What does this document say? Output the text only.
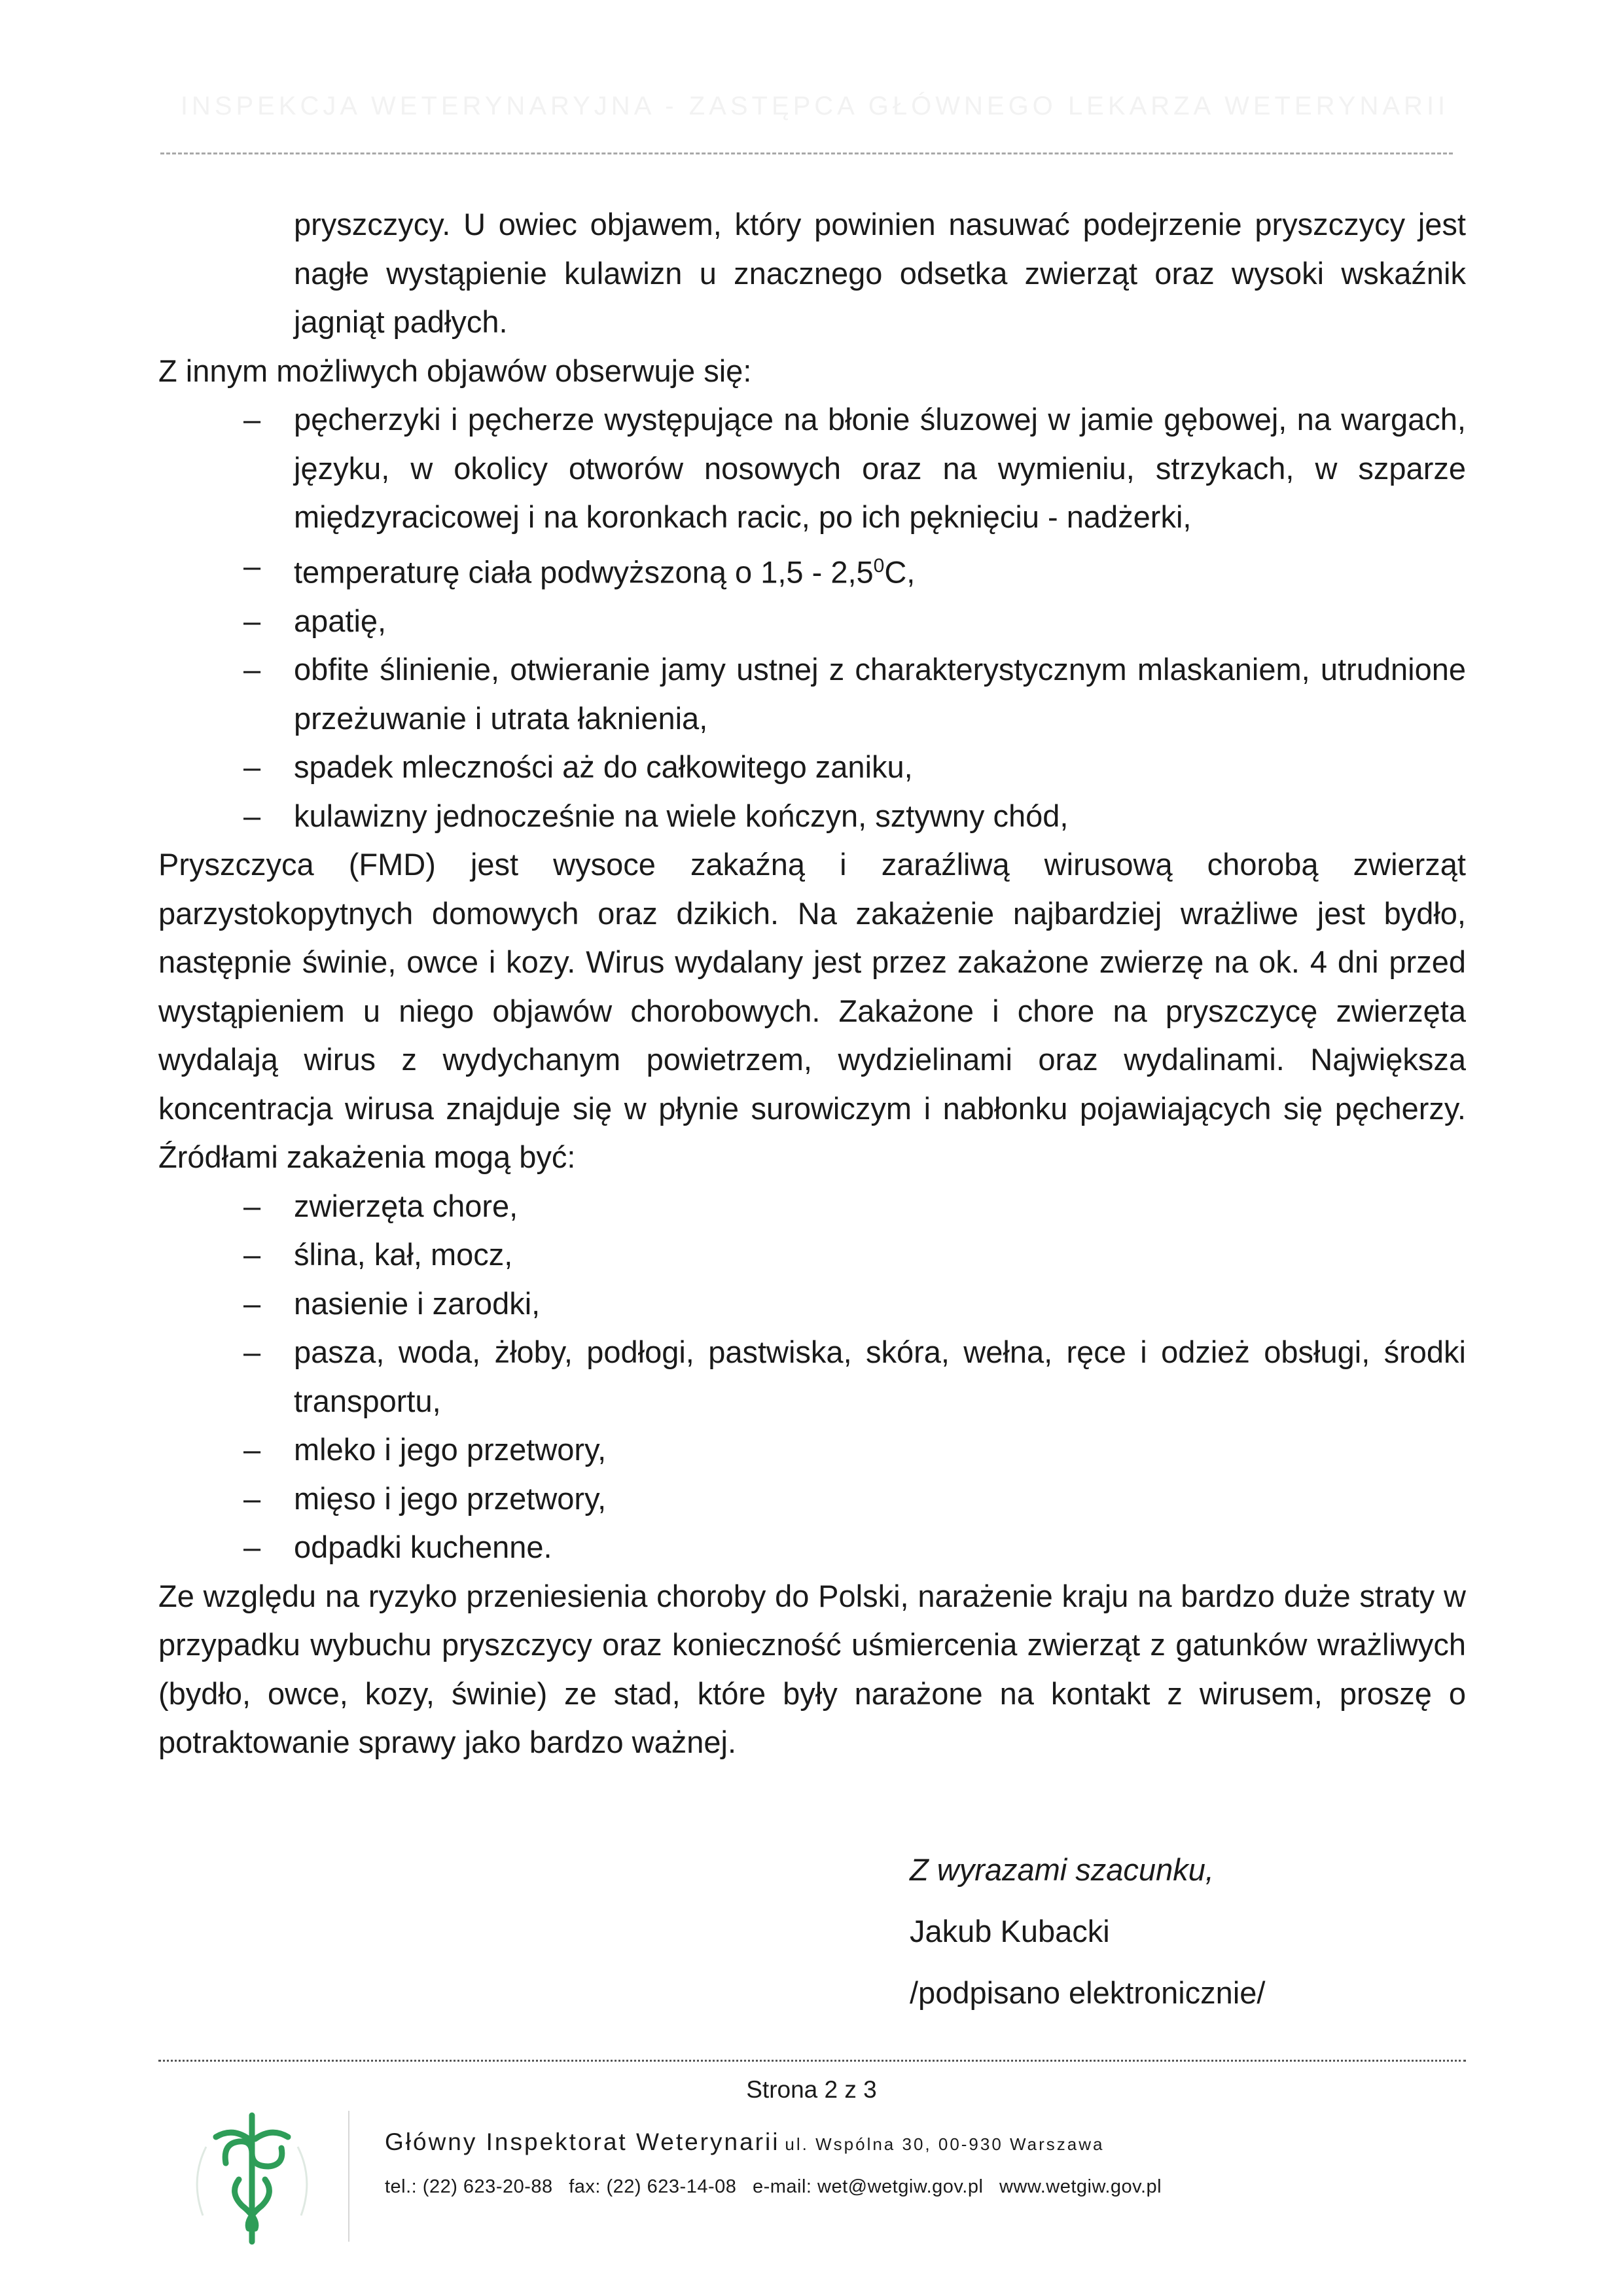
INSPEKCJA WETERYNARYJNA - ZASTĘPCA GŁÓWNEGO LEKARZA WETERYNARII

pryszczycy. U owiec objawem, który powinien nasuwać podejrzenie pryszczycy jest nagłe wystąpienie kulawizn u znacznego odsetka zwierząt oraz wysoki wskaźnik jagniąt padłych.

Z innym możliwych objawów obserwuje się:

– pęcherzyki i pęcherze występujące na błonie śluzowej w jamie gębowej, na wargach, języku, w okolicy otworów nosowych oraz na wymieniu, strzykach, w szparze międzyracicowej i na koronkach racic, po ich pęknięciu - nadżerki,
– temperaturę ciała podwyższoną o $1,5 - 2,5^0C$,
– apatię,
– obfite ślinienie, otwieranie jamy ustnej z charakterystycznym mlaskaniem, utrudnione przeżuwanie i utrata łaknienia,
– spadek mleczności aż do całkowitego zaniku,
– kulawizny jednocześnie na wiele kończyn, sztywny chód,

Pryszczyca (FMD) jest wysoce zakaźną i zaraźliwą wirusową chorobą zwierząt parzystokopytnych domowych oraz dzikich. Na zakażenie najbardziej wrażliwe jest bydło, następnie świnie, owce i kozy. Wirus wydalany jest przez zakażone zwierzę na ok. 4 dni przed wystąpieniem u niego objawów chorobowych. Zakażone i chore na pryszczycę zwierzęta wydalają wirus z wydychanym powietrzem, wydzielinami oraz wydalinami. Największa koncentracja wirusa znajduje się w płynie surowiczym i nabłonku pojawiających się pęcherzy. Źródłami zakażenia mogą być:

– zwierzęta chore,
– ślina, kał, mocz,
– nasienie i zarodki,
– pasza, woda, żłoby, podłogi, pastwiska, skóra, wełna, ręce i odzież obsługi, środki transportu,
– mleko i jego przetwory,
– mięso i jego przetwory,
– odpadki kuchenne.

Ze względu na ryzyko przeniesienia choroby do Polski, narażenie kraju na bardzo duże straty w przypadku wybuchu pryszczycy oraz konieczność uśmiercenia zwierząt z gatunków wrażliwych (bydło, owce, kozy, świnie) ze stad, które były narażone na kontakt z wirusem, proszę o potraktowanie sprawy jako bardzo ważnej.

Z wyrazami szacunku,
Jakub Kubacki
/podpisano elektronicznie/
Strona 2 z 3
Główny Inspektorat Weterynarii ul. Wspólna 30, 00-930 Warszawa
tel.: (22) 623-20-88 fax: (22) 623-14-08 e-mail: wet@wetgiw.gov.pl www.wetgiw.gov.pl
